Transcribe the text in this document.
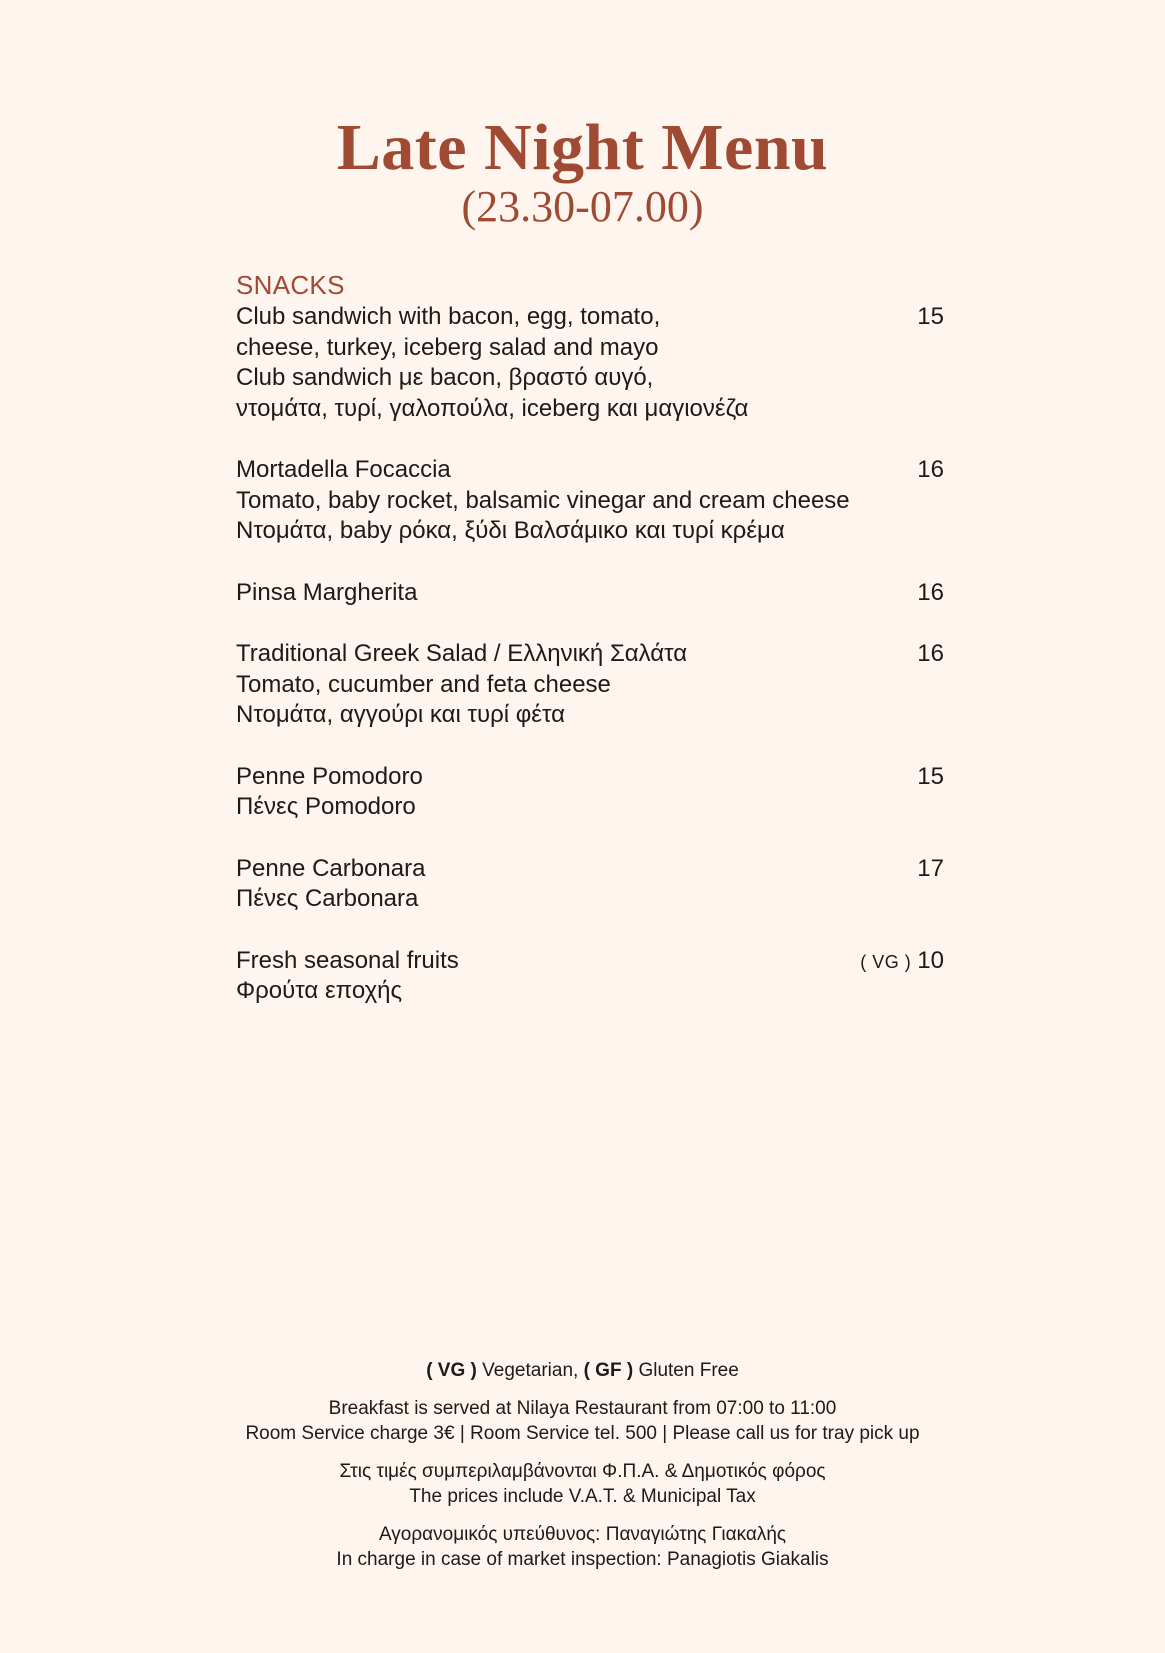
Late Night Menu
(23.30-07.00)
SNACKS
Club sandwich with bacon, egg, tomato,
cheese, turkey, iceberg salad and mayo
Club sandwich με bacon, βραστό αυγό,
ντομάτα, τυρί, γαλοπούλα, iceberg και μαγιονέζα
15
Mortadella Focaccia
Tomato, baby rocket, balsamic vinegar and cream cheese
Ντομάτα, baby ρόκα, ξύδι Βαλσάμικο και τυρί κρέμα
16
Pinsa Margherita	16
Traditional Greek Salad / Ελληνική Σαλάτα
Tomato, cucumber and feta cheese
Ντομάτα, αγγούρι και τυρί φέτα
16
Penne Pomodoro
Πένες Pomodoro
15
Penne Carbonara
Πένες Carbonara
17
Fresh seasonal fruits
Φρούτα εποχής
( VG ) 10
( VG ) Vegetarian, ( GF ) Gluten Free
Breakfast is served at Nilaya Restaurant from 07:00 to 11:00
Room Service charge 3€ | Room Service tel. 500 | Please call us for tray pick up
Στις τιμές συμπεριλαμβάνονται Φ.Π.Α. & Δημοτικός φόρος
The prices include V.A.T. & Municipal Tax
Αγορανομικός υπεύθυνος: Παναγιώτης Γιακαλής
In charge in case of market inspection: Panagiotis Giakalis
